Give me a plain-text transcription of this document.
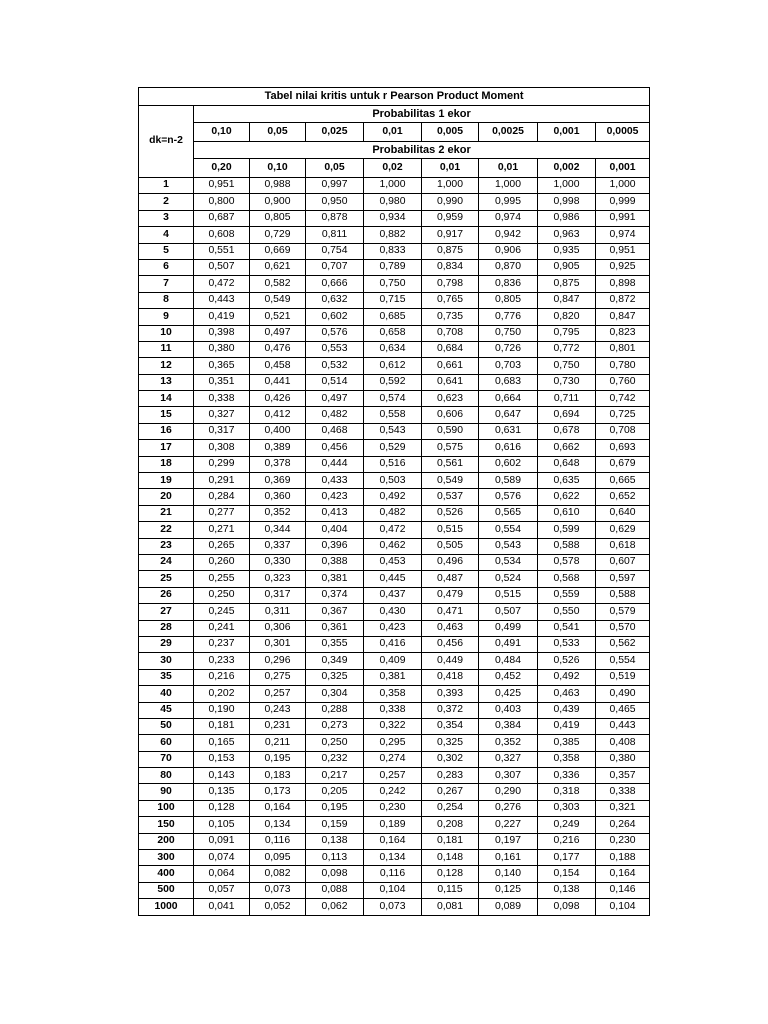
Tabel nilai kritis untuk r Pearson Product Moment								
dk=n-2	Probabilitas 1 ekor							
	0,10	0,05	0,025	0,01	0,005	0,0025	0,001	0,0005
	Probabilitas 2 ekor							
	0,20	0,10	0,05	0,02	0,01	0,01	0,002	0,001
1	0,951	0,988	0,997	1,000	1,000	1,000	1,000	1,000
2	0,800	0,900	0,950	0,980	0,990	0,995	0,998	0,999
3	0,687	0,805	0,878	0,934	0,959	0,974	0,986	0,991
4	0,608	0,729	0,811	0,882	0,917	0,942	0,963	0,974
5	0,551	0,669	0,754	0,833	0,875	0,906	0,935	0,951
6	0,507	0,621	0,707	0,789	0,834	0,870	0,905	0,925
7	0,472	0,582	0,666	0,750	0,798	0,836	0,875	0,898
8	0,443	0,549	0,632	0,715	0,765	0,805	0,847	0,872
9	0,419	0,521	0,602	0,685	0,735	0,776	0,820	0,847
10	0,398	0,497	0,576	0,658	0,708	0,750	0,795	0,823
11	0,380	0,476	0,553	0,634	0,684	0,726	0,772	0,801
12	0,365	0,458	0,532	0,612	0,661	0,703	0,750	0,780
13	0,351	0,441	0,514	0,592	0,641	0,683	0,730	0,760
14	0,338	0,426	0,497	0,574	0,623	0,664	0,711	0,742
15	0,327	0,412	0,482	0,558	0,606	0,647	0,694	0,725
16	0,317	0,400	0,468	0,543	0,590	0,631	0,678	0,708
17	0,308	0,389	0,456	0,529	0,575	0,616	0,662	0,693
18	0,299	0,378	0,444	0,516	0,561	0,602	0,648	0,679
19	0,291	0,369	0,433	0,503	0,549	0,589	0,635	0,665
20	0,284	0,360	0,423	0,492	0,537	0,576	0,622	0,652
21	0,277	0,352	0,413	0,482	0,526	0,565	0,610	0,640
22	0,271	0,344	0,404	0,472	0,515	0,554	0,599	0,629
23	0,265	0,337	0,396	0,462	0,505	0,543	0,588	0,618
24	0,260	0,330	0,388	0,453	0,496	0,534	0,578	0,607
25	0,255	0,323	0,381	0,445	0,487	0,524	0,568	0,597
26	0,250	0,317	0,374	0,437	0,479	0,515	0,559	0,588
27	0,245	0,311	0,367	0,430	0,471	0,507	0,550	0,579
28	0,241	0,306	0,361	0,423	0,463	0,499	0,541	0,570
29	0,237	0,301	0,355	0,416	0,456	0,491	0,533	0,562
30	0,233	0,296	0,349	0,409	0,449	0,484	0,526	0,554
35	0,216	0,275	0,325	0,381	0,418	0,452	0,492	0,519
40	0,202	0,257	0,304	0,358	0,393	0,425	0,463	0,490
45	0,190	0,243	0,288	0,338	0,372	0,403	0,439	0,465
50	0,181	0,231	0,273	0,322	0,354	0,384	0,419	0,443
60	0,165	0,211	0,250	0,295	0,325	0,352	0,385	0,408
70	0,153	0,195	0,232	0,274	0,302	0,327	0,358	0,380
80	0,143	0,183	0,217	0,257	0,283	0,307	0,336	0,357
90	0,135	0,173	0,205	0,242	0,267	0,290	0,318	0,338
100	0,128	0,164	0,195	0,230	0,254	0,276	0,303	0,321
150	0,105	0,134	0,159	0,189	0,208	0,227	0,249	0,264
200	0,091	0,116	0,138	0,164	0,181	0,197	0,216	0,230
300	0,074	0,095	0,113	0,134	0,148	0,161	0,177	0,188
400	0,064	0,082	0,098	0,116	0,128	0,140	0,154	0,164
500	0,057	0,073	0,088	0,104	0,115	0,125	0,138	0,146
1000	0,041	0,052	0,062	0,073	0,081	0,089	0,098	0,104
